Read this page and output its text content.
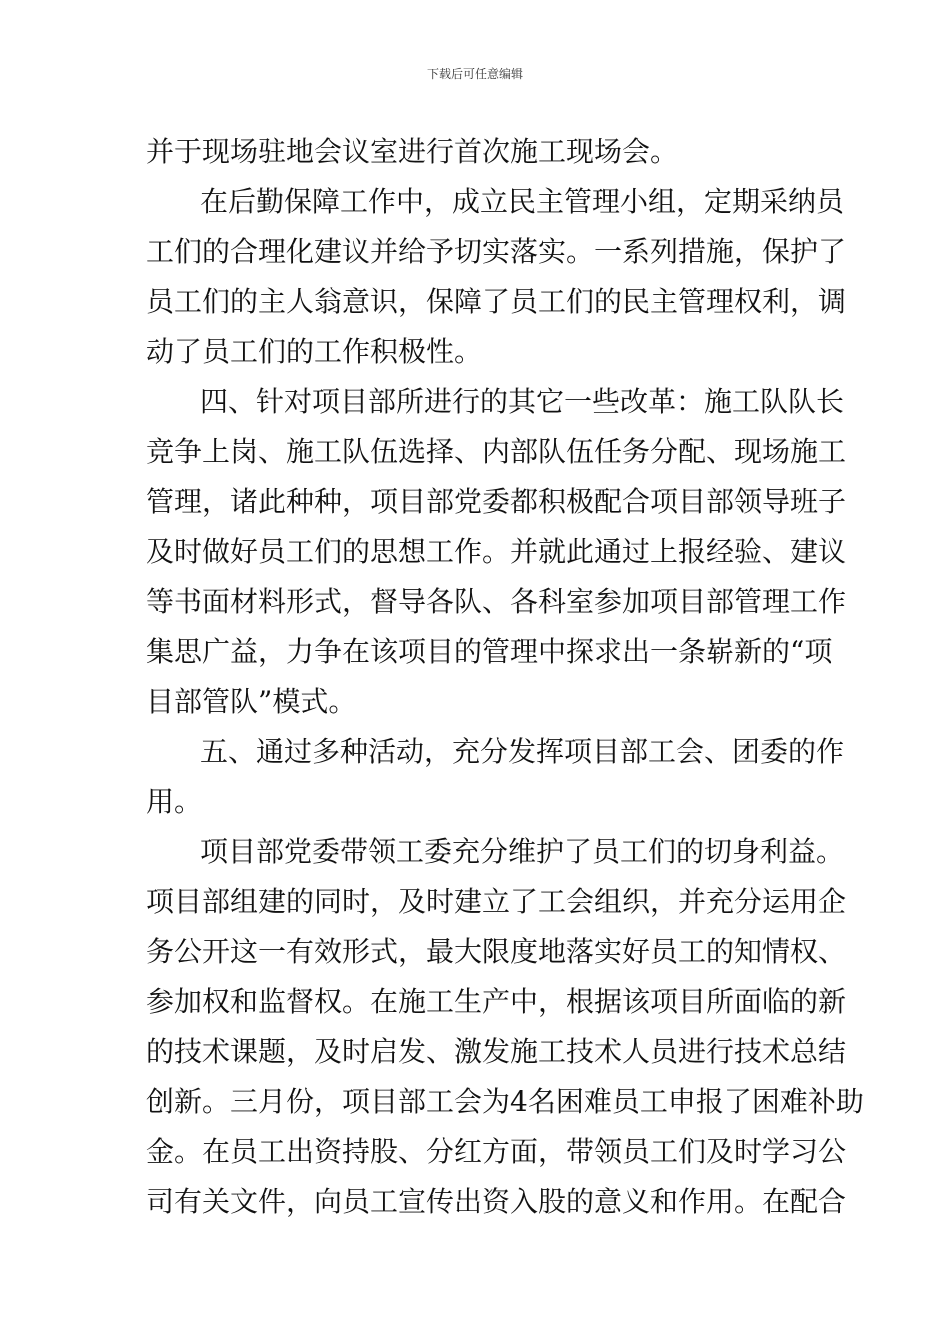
下载后可任意编辑
并于现场驻地会议室进行首次施工现场会。
在后勤保障工作中，成立民主管理小组，定期采纳员
工们的合理化建议并给予切实落实。一系列措施，保护了
员工们的主人翁意识，保障了员工们的民主管理权利，调
动了员工们的工作积极性。
四、针对项目部所进行的其它一些改革：施工队队长
竞争上岗、施工队伍选择、内部队伍任务分配、现场施工
管理，诸此种种，项目部党委都积极配合项目部领导班子
及时做好员工们的思想工作。并就此通过上报经验、建议
等书面材料形式，督导各队、各科室参加项目部管理工作
集思广益，力争在该项目的管理中探求出一条崭新的“项
目部管队”模式。
五、通过多种活动，充分发挥项目部工会、团委的作
用。
项目部党委带领工委充分维护了员工们的切身利益。
项目部组建的同时，及时建立了工会组织，并充分运用企
务公开这一有效形式，最大限度地落实好员工的知情权、
参加权和监督权。在施工生产中，根据该项目所面临的新
的技术课题，及时启发、激发施工技术人员进行技术总结
创新。三月份，项目部工会为4名困难员工申报了困难补助
金。在员工出资持股、分红方面，带领员工们及时学习公
司有关文件，向员工宣传出资入股的意义和作用。在配合
